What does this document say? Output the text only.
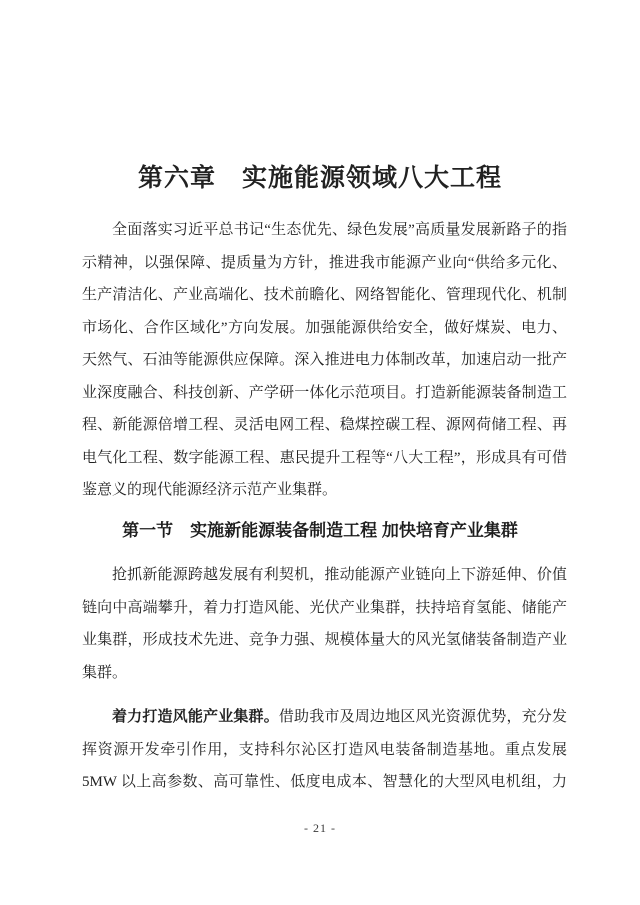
第六章　实施能源领域八大工程
全面落实习近平总书记“生态优先、绿色发展”高质量发展新路子的指
示精神，以强保障、提质量为方针，推进我市能源产业向“供给多元化、
生产清洁化、产业高端化、技术前瞻化、网络智能化、管理现代化、机制
市场化、合作区域化”方向发展。加强能源供给安全，做好煤炭、电力、
天然气、石油等能源供应保障。深入推进电力体制改革，加速启动一批产
业深度融合、科技创新、产学研一体化示范项目。打造新能源装备制造工
程、新能源倍增工程、灵活电网工程、稳煤控碳工程、源网荷储工程、再
电气化工程、数字能源工程、惠民提升工程等“八大工程”，形成具有可借
鉴意义的现代能源经济示范产业集群。
第一节　实施新能源装备制造工程 加快培育产业集群
抢抓新能源跨越发展有利契机，推动能源产业链向上下游延伸、价值
链向中高端攀升，着力打造风能、光伏产业集群，扶持培育氢能、储能产
业集群，形成技术先进、竞争力强、规模体量大的风光氢储装备制造产业
集群。
着力打造风能产业集群。借助我市及周边地区风光资源优势，充分发
挥资源开发牵引作用，支持科尔沁区打造风电装备制造基地。重点发展
5MW 以上高参数、高可靠性、低度电成本、智慧化的大型风电机组，力
- 21 -
